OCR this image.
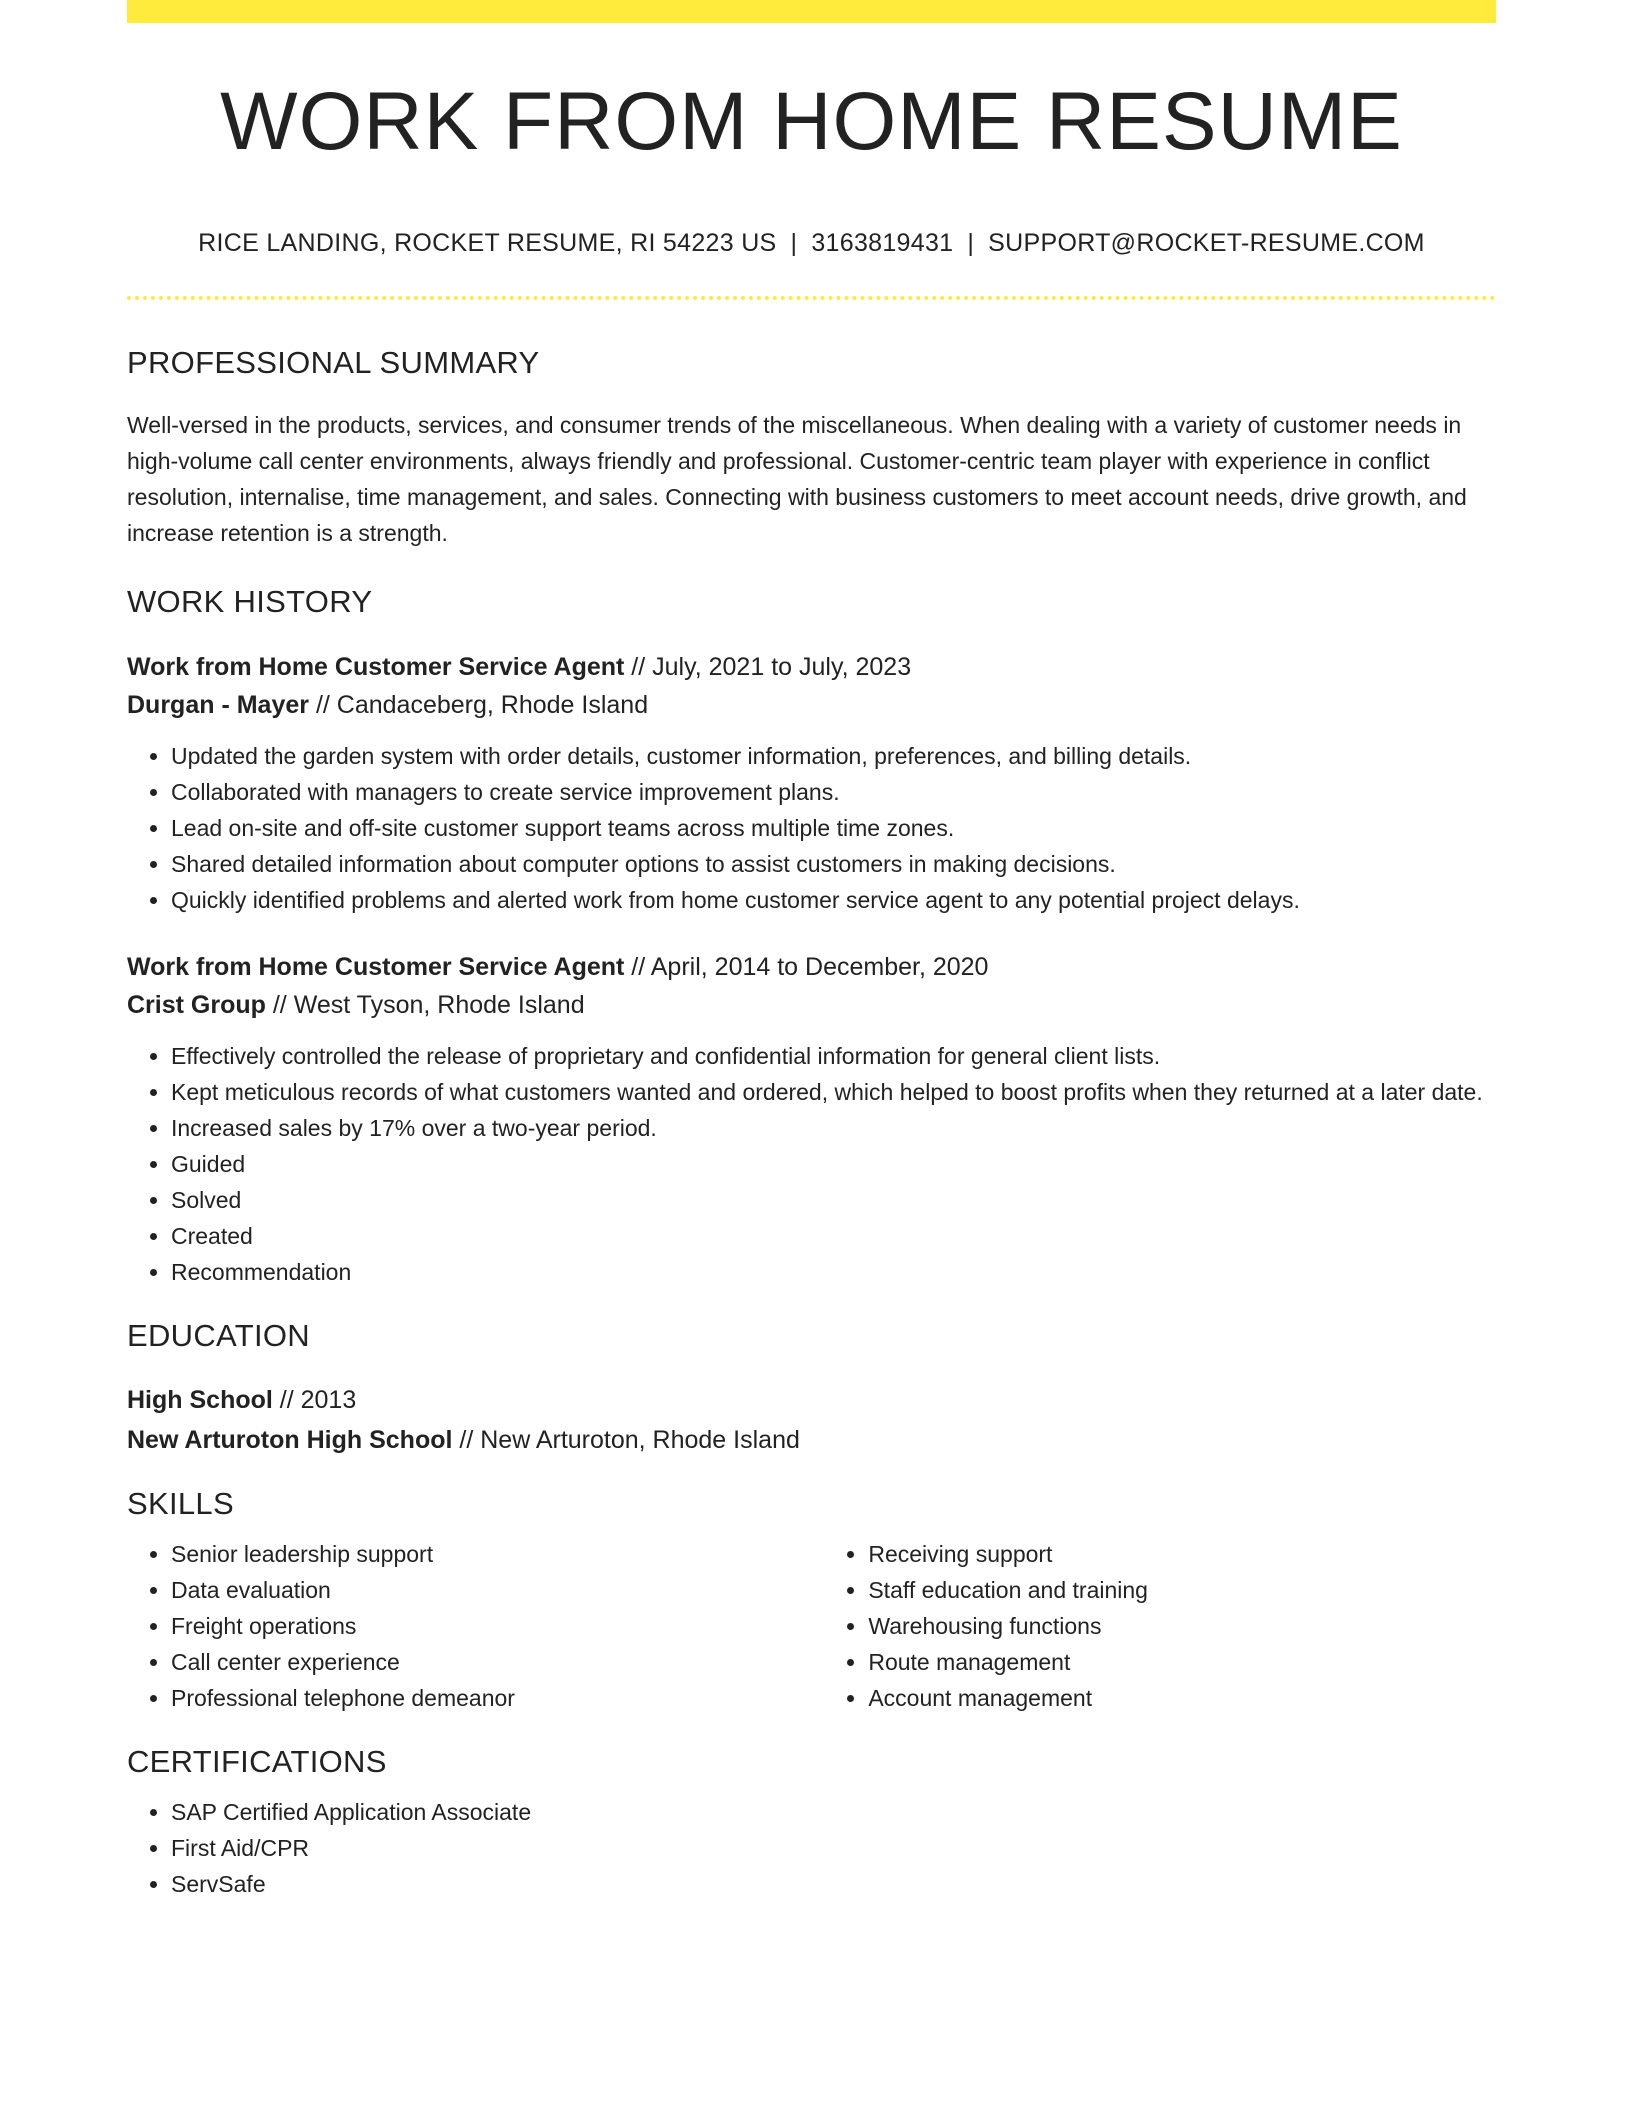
WORK FROM HOME RESUME
RICE LANDING, ROCKET RESUME, RI 54223 US | 3163819431 | SUPPORT@ROCKET-RESUME.COM
PROFESSIONAL SUMMARY

Well-versed in the products, services, and consumer trends of the miscellaneous. When dealing with a variety of customer needs in high-volume call center environments, always friendly and professional. Customer-centric team player with experience in conflict resolution, internalise, time management, and sales. Connecting with business customers to meet account needs, drive growth, and increase retention is a strength.

WORK HISTORY
Work from Home Customer Service Agent // July, 2021 to July, 2023
Durgan - Mayer // Candaceberg, Rhode Island
• Updated the garden system with order details, customer information, preferences, and billing details.
• Collaborated with managers to create service improvement plans.
• Lead on-site and off-site customer support teams across multiple time zones.
• Shared detailed information about computer options to assist customers in making decisions.
• Quickly identified problems and alerted work from home customer service agent to any potential project delays.
Work from Home Customer Service Agent // April, 2014 to December, 2020
Crist Group // West Tyson, Rhode Island
• Effectively controlled the release of proprietary and confidential information for general client lists.
• Kept meticulous records of what customers wanted and ordered, which helped to boost profits when they returned at a later date.
• Increased sales by 17% over a two-year period.
• Guided
• Solved
• Created
• Recommendation
EDUCATION
High School // 2013
New Arturoton High School // New Arturoton, Rhode Island
SKILLS
• Senior leadership support
• Data evaluation
• Freight operations
• Call center experience
• Professional telephone demeanor
• Receiving support
• Staff education and training
• Warehousing functions
• Route management
• Account management
CERTIFICATIONS
• SAP Certified Application Associate
• First Aid/CPR
• ServSafe
